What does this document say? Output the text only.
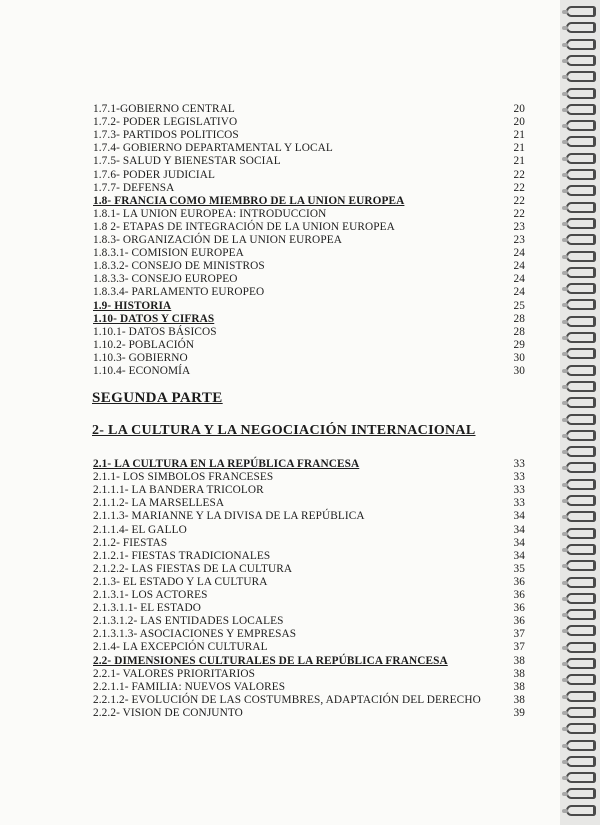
1.7.1-GOBIERNO CENTRAL	20
1.7.2- PODER LEGISLATIVO	20
1.7.3- PARTIDOS POLITICOS	21
1.7.4- GOBIERNO DEPARTAMENTAL Y LOCAL	21
1.7.5- SALUD Y BIENESTAR SOCIAL	21
1.7.6- PODER JUDICIAL	22
1.7.7- DEFENSA	22
1.8- FRANCIA COMO MIEMBRO DE LA UNION EUROPEA	22
1.8.1- LA UNION EUROPEA: INTRODUCCION	22
1.8 2- ETAPAS DE INTEGRACIÓN DE LA UNION EUROPEA	23
1.8.3- ORGANIZACIÓN DE LA UNION EUROPEA	23
1.8.3.1- COMISION EUROPEA	24
1.8.3.2- CONSEJO DE MINISTROS	24
1.8.3.3- CONSEJO EUROPEO	24
1.8.3.4- PARLAMENTO EUROPEO	24
1.9- HISTORIA	25
1.10- DATOS Y CIFRAS	28
1.10.1- DATOS BÁSICOS	28
1.10.2- POBLACIÓN	29
1.10.3- GOBIERNO	30
1.10.4- ECONOMÍA	30
SEGUNDA PARTE
2- LA CULTURA Y LA NEGOCIACIÓN INTERNACIONAL
2.1- LA CULTURA EN LA REPÚBLICA FRANCESA	33
2.1.1- LOS SIMBOLOS FRANCESES	33
2.1.1.1- LA BANDERA TRICOLOR	33
2.1.1.2- LA MARSELLESA	33
2.1.1.3- MARIANNE Y LA DIVISA DE LA REPÚBLICA	34
2.1.1.4- EL GALLO	34
2.1.2- FIESTAS	34
2.1.2.1- FIESTAS TRADICIONALES	34
2.1.2.2- LAS FIESTAS DE LA CULTURA	35
2.1.3- EL ESTADO Y LA CULTURA	36
2.1.3.1- LOS ACTORES	36
2.1.3.1.1- EL ESTADO	36
2.1.3.1.2- LAS ENTIDADES LOCALES	36
2.1.3.1.3- ASOCIACIONES Y EMPRESAS	37
2.1.4- LA EXCEPCIÓN CULTURAL	37
2.2- DIMENSIONES CULTURALES DE LA REPÚBLICA FRANCESA	38
2.2.1- VALORES PRIORITARIOS	38
2.2.1.1- FAMILIA: NUEVOS VALORES	38
2.2.1.2- EVOLUCIÓN DE LAS COSTUMBRES, ADAPTACIÓN DEL DERECHO	38
2.2.2- VISION DE CONJUNTO	39
